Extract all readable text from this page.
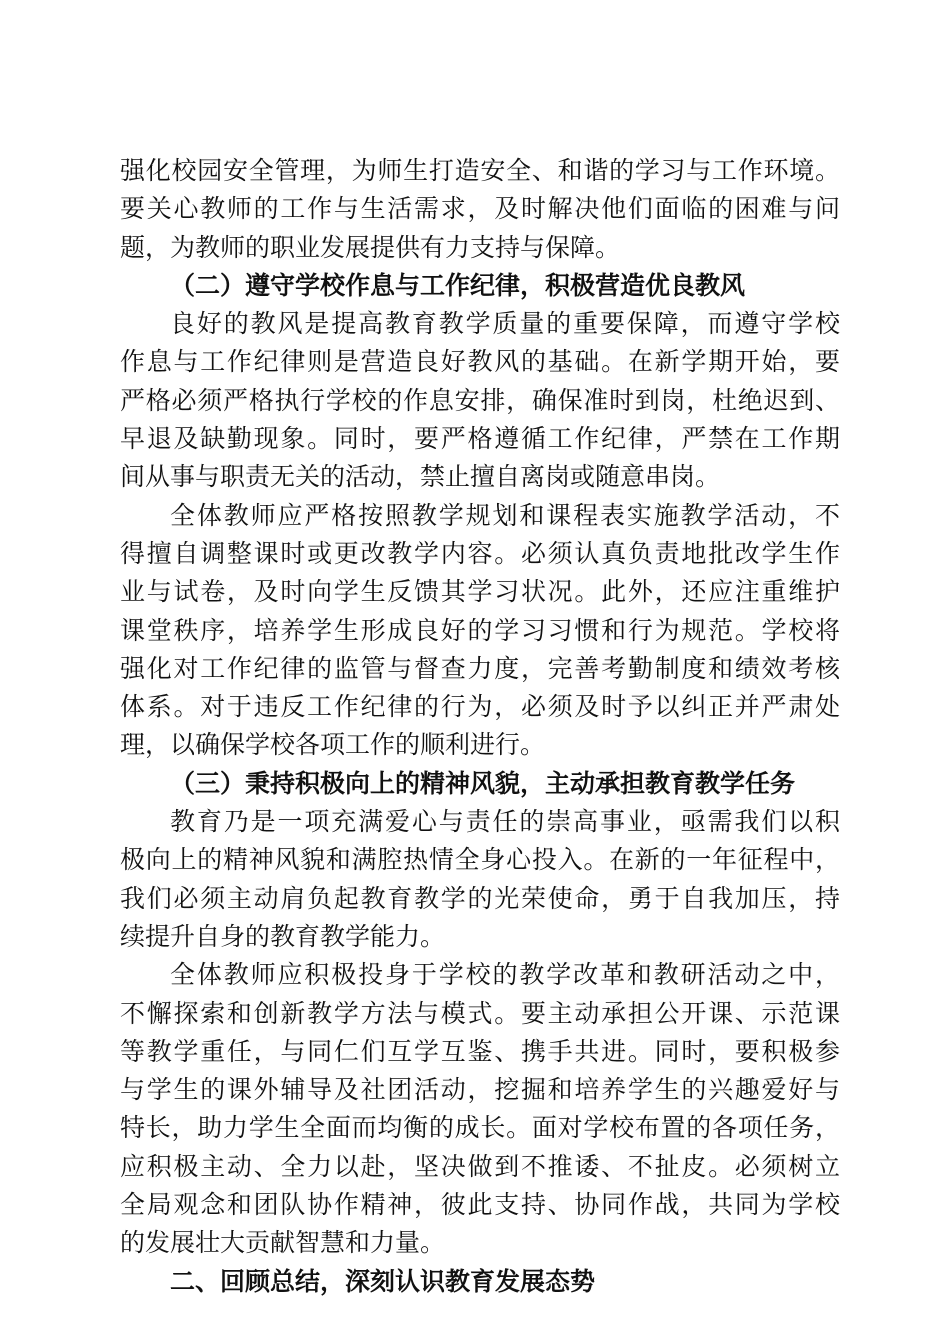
强化校园安全管理，为师生打造安全、和谐的学习与工作环境。
要关心教师的工作与生活需求，及时解决他们面临的困难与问
题，为教师的职业发展提供有力支持与保障。
（二）遵守学校作息与工作纪律，积极营造优良教风
良好的教风是提高教育教学质量的重要保障，而遵守学校
作息与工作纪律则是营造良好教风的基础。在新学期开始，要
严格必须严格执行学校的作息安排，确保准时到岗，杜绝迟到、
早退及缺勤现象。同时，要严格遵循工作纪律，严禁在工作期
间从事与职责无关的活动，禁止擅自离岗或随意串岗。
全体教师应严格按照教学规划和课程表实施教学活动，不
得擅自调整课时或更改教学内容。必须认真负责地批改学生作
业与试卷，及时向学生反馈其学习状况。此外，还应注重维护
课堂秩序，培养学生形成良好的学习习惯和行为规范。学校将
强化对工作纪律的监管与督查力度，完善考勤制度和绩效考核
体系。对于违反工作纪律的行为，必须及时予以纠正并严肃处
理，以确保学校各项工作的顺利进行。
（三）秉持积极向上的精神风貌，主动承担教育教学任务
教育乃是一项充满爱心与责任的崇高事业，亟需我们以积
极向上的精神风貌和满腔热情全身心投入。在新的一年征程中，
我们必须主动肩负起教育教学的光荣使命，勇于自我加压，持
续提升自身的教育教学能力。
全体教师应积极投身于学校的教学改革和教研活动之中，
不懈探索和创新教学方法与模式。要主动承担公开课、示范课
等教学重任，与同仁们互学互鉴、携手共进。同时，要积极参
与学生的课外辅导及社团活动，挖掘和培养学生的兴趣爱好与
特长，助力学生全面而均衡的成长。面对学校布置的各项任务，
应积极主动、全力以赴，坚决做到不推诿、不扯皮。必须树立
全局观念和团队协作精神，彼此支持、协同作战，共同为学校
的发展壮大贡献智慧和力量。
二、回顾总结，深刻认识教育发展态势
